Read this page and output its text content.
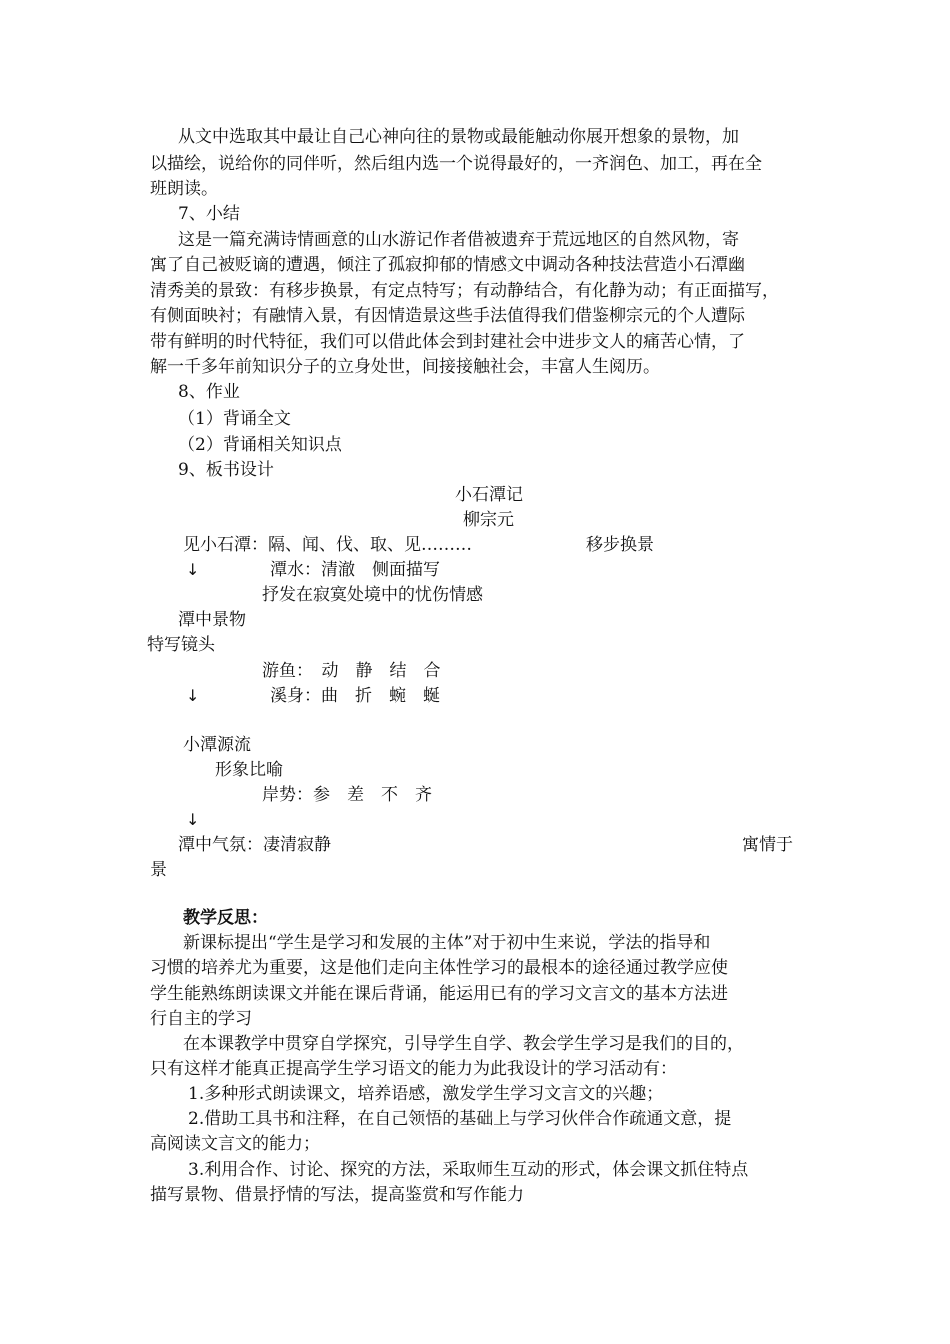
从文中选取其中最让自己心神向往的景物或最能触动你展开想象的景物，加
以描绘，说给你的同伴听，然后组内选一个说得最好的，一齐润色、加工，再在全
班朗读。
7、小结
这是一篇充满诗情画意的山水游记作者借被遗弃于荒远地区的自然风物，寄
寓了自己被贬谪的遭遇，倾注了孤寂抑郁的情感文中调动各种技法营造小石潭幽
清秀美的景致：有移步换景，有定点特写；有动静结合，有化静为动；有正面描写，
有侧面映衬；有融情入景，有因情造景这些手法值得我们借鉴柳宗元的个人遭际
带有鲜明的时代特征，我们可以借此体会到封建社会中进步文人的痛苦心情，了
解一千多年前知识分子的立身处世，间接接触社会，丰富人生阅历。
8、作业
（1）背诵全文
（2）背诵相关知识点
9、板书设计
小石潭记
柳宗元
见小石潭：隔、闻、伐、取、见………	移步换景
↓	潭水：清澈　侧面描写
抒发在寂寞处境中的忧伤情感
潭中景物
特写镜头
游鱼：　动　静　结　合
↓	溪身：曲　折　蜿　蜒
小潭源流
形象比喻
岸势：参　差　不　齐
↓
潭中气氛：凄清寂静	寓情于
景
教学反思：
新课标提出“学生是学习和发展的主体”对于初中生来说，学法的指导和
习惯的培养尤为重要，这是他们走向主体性学习的最根本的途径通过教学应使
学生能熟练朗读课文并能在课后背诵，能运用已有的学习文言文的基本方法进
行自主的学习
在本课教学中贯穿自学探究，引导学生自学、教会学生学习是我们的目的，
只有这样才能真正提高学生学习语文的能力为此我设计的学习活动有：
1.多种形式朗读课文，培养语感，激发学生学习文言文的兴趣；
2.借助工具书和注释，在自己领悟的基础上与学习伙伴合作疏通文意，提
高阅读文言文的能力；
3.利用合作、讨论、探究的方法，采取师生互动的形式，体会课文抓住特点
描写景物、借景抒情的写法，提高鉴赏和写作能力
